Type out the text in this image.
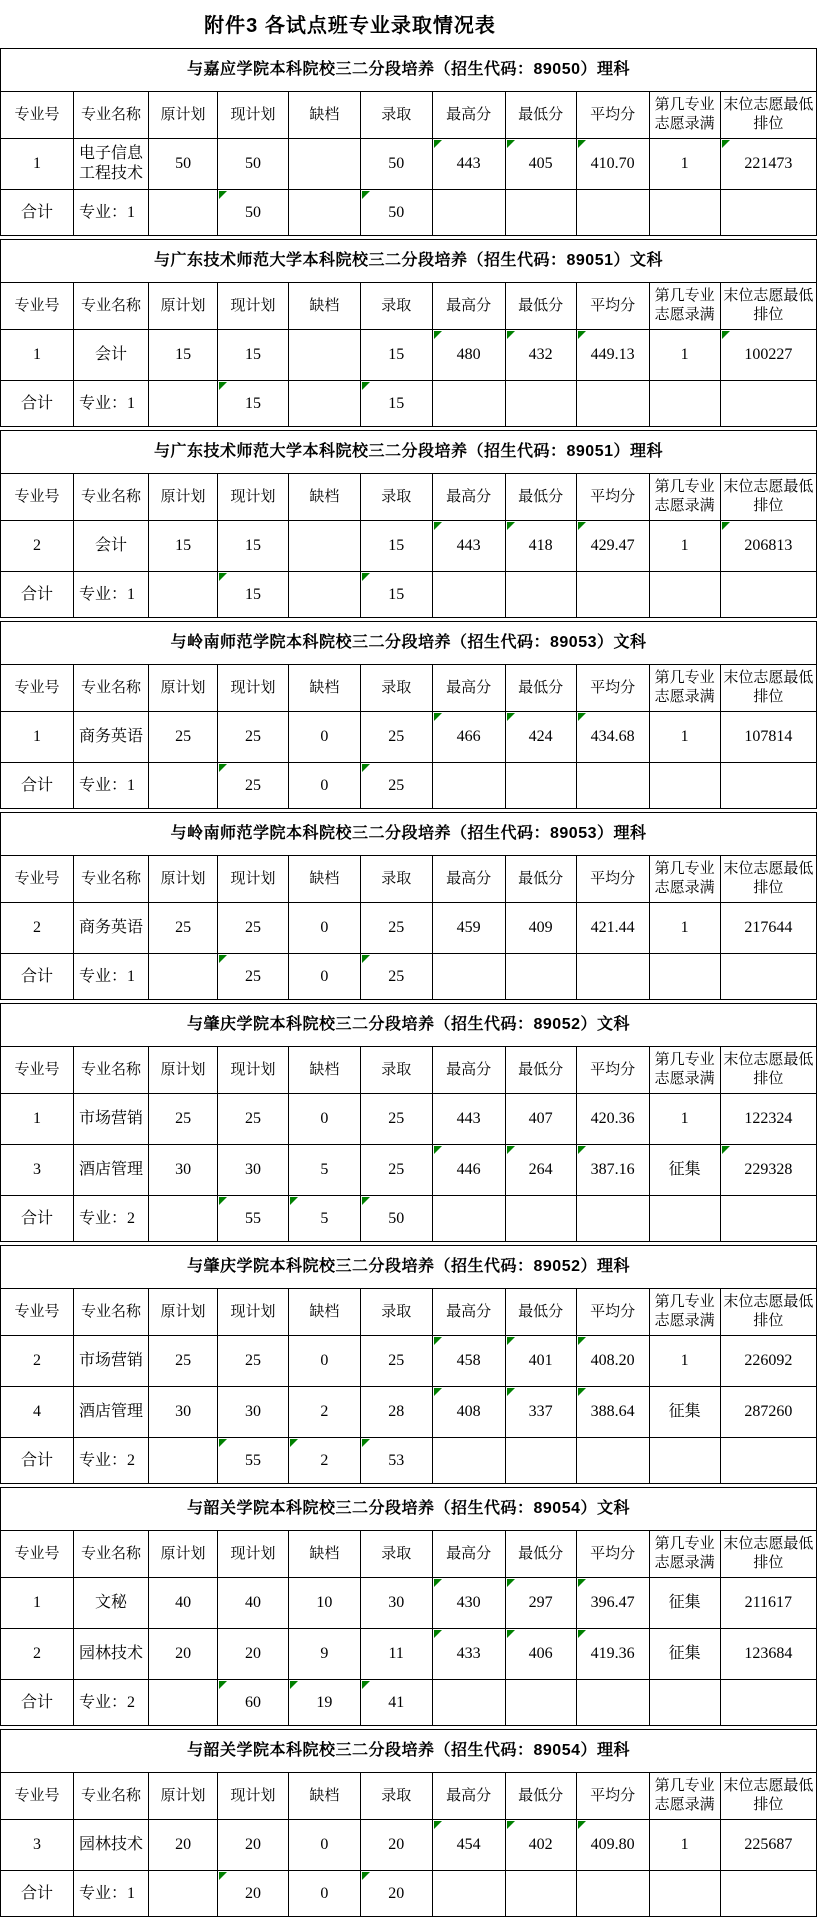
附件3 各试点班专业录取情况表
与嘉应学院本科院校三二分段培养（招生代码：89050）理科										
专业号	专业名称	原计划	现计划	缺档	录取	最高分	最低分	平均分	第几专业志愿录满	末位志愿最低排位
1	电子信息工程技术	50	50		50	443	405	410.70	1	221473
合计	专业：1		50		50					
与广东技术师范大学本科院校三二分段培养（招生代码：89051）文科										
专业号	专业名称	原计划	现计划	缺档	录取	最高分	最低分	平均分	第几专业志愿录满	末位志愿最低排位
1	会计	15	15		15	480	432	449.13	1	100227
合计	专业：1		15		15					
与广东技术师范大学本科院校三二分段培养（招生代码：89051）理科										
专业号	专业名称	原计划	现计划	缺档	录取	最高分	最低分	平均分	第几专业志愿录满	末位志愿最低排位
2	会计	15	15		15	443	418	429.47	1	206813
合计	专业：1		15		15					
与岭南师范学院本科院校三二分段培养（招生代码：89053）文科										
专业号	专业名称	原计划	现计划	缺档	录取	最高分	最低分	平均分	第几专业志愿录满	末位志愿最低排位
1	商务英语	25	25	0	25	466	424	434.68	1	107814
合计	专业：1		25	0	25					
与岭南师范学院本科院校三二分段培养（招生代码：89053）理科										
专业号	专业名称	原计划	现计划	缺档	录取	最高分	最低分	平均分	第几专业志愿录满	末位志愿最低排位
2	商务英语	25	25	0	25	459	409	421.44	1	217644
合计	专业：1		25	0	25					
与肇庆学院本科院校三二分段培养（招生代码：89052）文科										
专业号	专业名称	原计划	现计划	缺档	录取	最高分	最低分	平均分	第几专业志愿录满	末位志愿最低排位
1	市场营销	25	25	0	25	443	407	420.36	1	122324
3	酒店管理	30	30	5	25	446	264	387.16	征集	229328
合计	专业：2		55	5	50					
与肇庆学院本科院校三二分段培养（招生代码：89052）理科										
专业号	专业名称	原计划	现计划	缺档	录取	最高分	最低分	平均分	第几专业志愿录满	末位志愿最低排位
2	市场营销	25	25	0	25	458	401	408.20	1	226092
4	酒店管理	30	30	2	28	408	337	388.64	征集	287260
合计	专业：2		55	2	53					
与韶关学院本科院校三二分段培养（招生代码：89054）文科										
专业号	专业名称	原计划	现计划	缺档	录取	最高分	最低分	平均分	第几专业志愿录满	末位志愿最低排位
1	文秘	40	40	10	30	430	297	396.47	征集	211617
2	园林技术	20	20	9	11	433	406	419.36	征集	123684
合计	专业：2		60	19	41					
与韶关学院本科院校三二分段培养（招生代码：89054）理科										
专业号	专业名称	原计划	现计划	缺档	录取	最高分	最低分	平均分	第几专业志愿录满	末位志愿最低排位
3	园林技术	20	20	0	20	454	402	409.80	1	225687
合计	专业：1		20	0	20					
